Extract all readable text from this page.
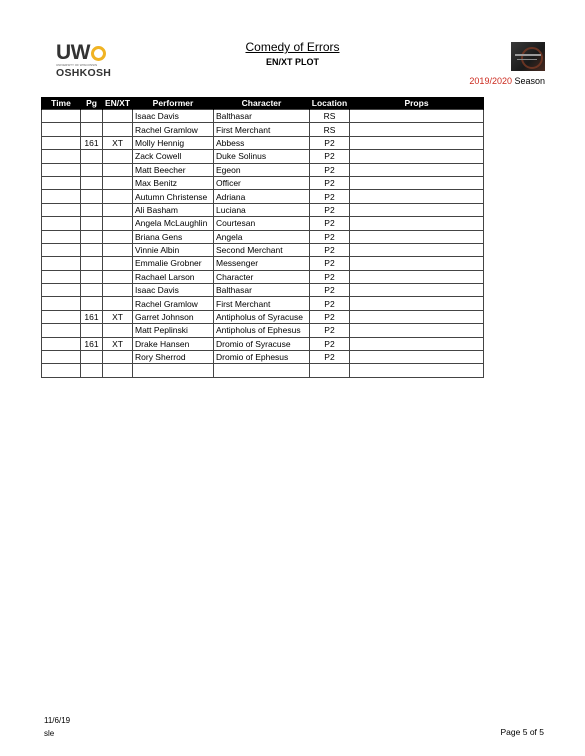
UW
UNIVERSITY OF WISCONSIN
OSHKOSH
Comedy of Errors
EN/XT PLOT
2019/2020 Season
Time	Pg	EN/XT	Performer	Character	Location	Props
			Isaac Davis	Balthasar	RS	
			Rachel Gramlow	First Merchant	RS	
	161	XT	Molly Hennig	Abbess	P2	
			Zack Cowell	Duke Solinus	P2	
			Matt Beecher	Egeon	P2	
			Max Benitz	Officer	P2	
			Autumn Christense	Adriana	P2	
			Ali Basham	Luciana	P2	
			Angela McLaughlin	Courtesan	P2	
			Briana Gens	Angela	P2	
			Vinnie Albin	Second Merchant	P2	
			Emmalie Grobner	Messenger	P2	
			Rachael Larson	Character	P2	
			Isaac Davis	Balthasar	P2	
			Rachel Gramlow	First Merchant	P2	
	161	XT	Garret Johnson	Antipholus of Syracuse	P2	
			Matt Peplinski	Antipholus of Ephesus	P2	
	161	XT	Drake Hansen	Dromio of Syracuse	P2	
			Rory Sherrod	Dromio of Ephesus	P2	

11/6/19
sle	Page 5 of 5
